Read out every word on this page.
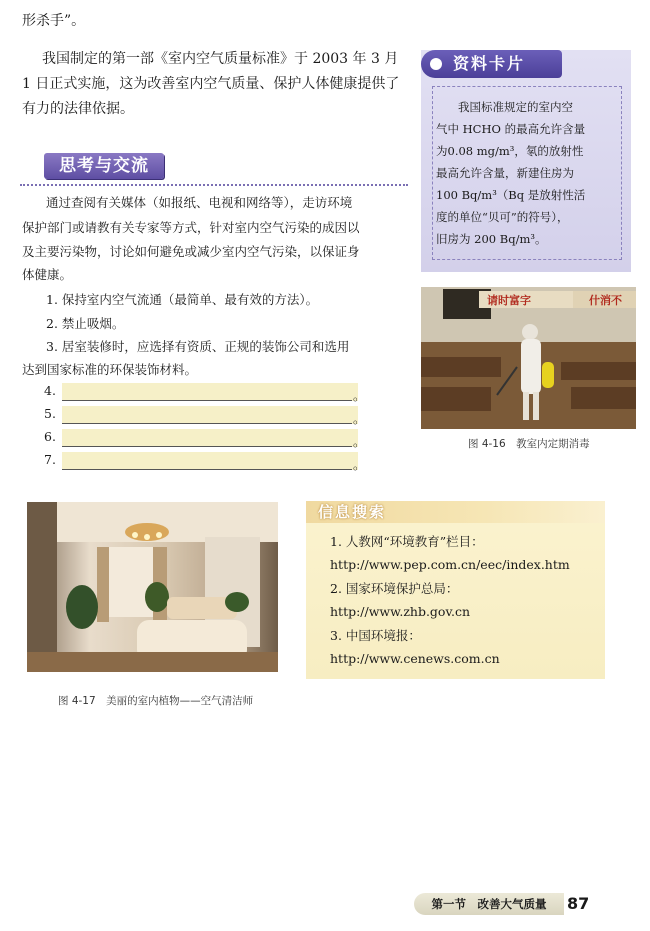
形杀手”。
我国制定的第一部《室内空气质量标准》于 2003 年 3 月
1 日正式实施，这为改善室内空气质量、保护人体健康提供了
有力的法律依据。
思考与交流
通过查阅有关媒体（如报纸、电视和网络等），走访环境
保护部门或请教有关专家等方式，针对室内空气污染的成因以
及主要污染物，讨论如何避免或减少室内空气污染，以保证身
体健康。
1. 保持室内空气流通（最简单、最有效的方法）。
2. 禁止吸烟。
3. 居室装修时，应选择有资质、正规的装饰公司和选用
达到国家标准的环保装饰材料。
4.	。
5.	。
6.	。
7.	。
资料卡片
我国标准规定的室内空
气中 HCHO 的最高允许含量
为0.08 mg/m³，氡的放射性
最高允许含量，新建住房为
100 Bq/m³（Bq 是放射性活
度的单位“贝可”的符号），
旧房为 200 Bq/m³。
请时富字	什消不
图 4-16　教室内定期消毒
图 4-17　美丽的室内植物——空气清洁师
信息搜索
1. 人教网“环境教育”栏目：
http://www.pep.com.cn/eec/index.htm
2. 国家环境保护总局：
http://www.zhb.gov.cn
3. 中国环境报：
http://www.cenews.com.cn
第一节　改善大气质量	87
